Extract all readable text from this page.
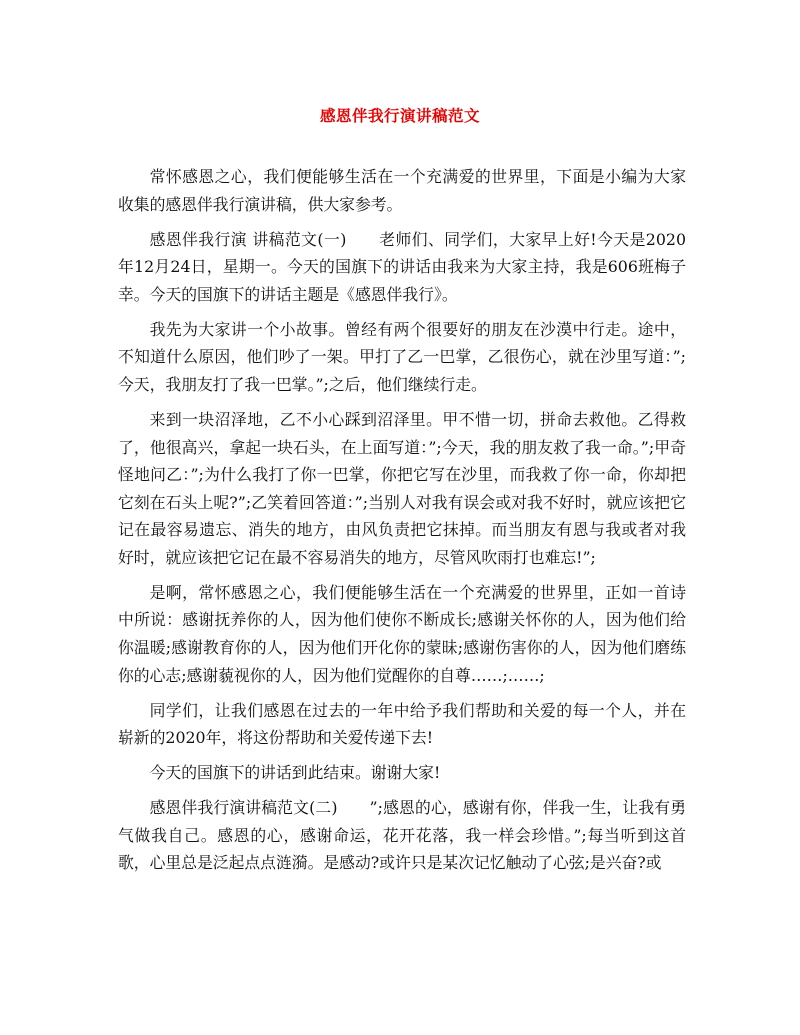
感恩伴我行演讲稿范文

常怀感恩之心，我们便能够生活在一个充满爱的世界里，下面是小编为大家收集的感恩伴我行演讲稿，供大家参考。

感恩伴我行演 讲稿范文(一)　　老师们、同学们，大家早上好!今天是2020年12月24日，星期一。今天的国旗下的讲话由我来为大家主持，我是606班梅子幸。今天的国旗下的讲话主题是《感恩伴我行》。

我先为大家讲一个小故事。曾经有两个很要好的朋友在沙漠中行走。途中，不知道什么原因，他们吵了一架。甲打了乙一巴掌，乙很伤心，就在沙里写道：”;今天，我朋友打了我一巴掌。”;之后，他们继续行走。

来到一块沼泽地，乙不小心踩到沼泽里。甲不惜一切，拼命去救他。乙得救了，他很高兴，拿起一块石头，在上面写道：”;今天，我的朋友救了我一命。”;甲奇怪地问乙：”;为什么我打了你一巴掌，你把它写在沙里，而我救了你一命，你却把它刻在石头上呢?”;乙笑着回答道：”;当别人对我有误会或对我不好时，就应该把它记在最容易遗忘、消失的地方，由风负责把它抹掉。而当朋友有恩与我或者对我好时，就应该把它记在最不容易消失的地方，尽管风吹雨打也难忘!”;

是啊，常怀感恩之心，我们便能够生活在一个充满爱的世界里，正如一首诗中所说：感谢抚养你的人，因为他们使你不断成长;感谢关怀你的人，因为他们给你温暖;感谢教育你的人，因为他们开化你的蒙昧;感谢伤害你的人，因为他们磨练你的心志;感谢藐视你的人，因为他们觉醒你的自尊……;……;

同学们，让我们感恩在过去的一年中给予我们帮助和关爱的每一个人，并在崭新的2020年，将这份帮助和关爱传递下去!

今天的国旗下的讲话到此结束。谢谢大家!

感恩伴我行演讲稿范文(二)　　”;感恩的心，感谢有你，伴我一生，让我有勇气做我自己。感恩的心，感谢命运，花开花落，我一样会珍惜。”;每当听到这首歌，心里总是泛起点点涟漪。是感动?或许只是某次记忆触动了心弦;是兴奋?或
